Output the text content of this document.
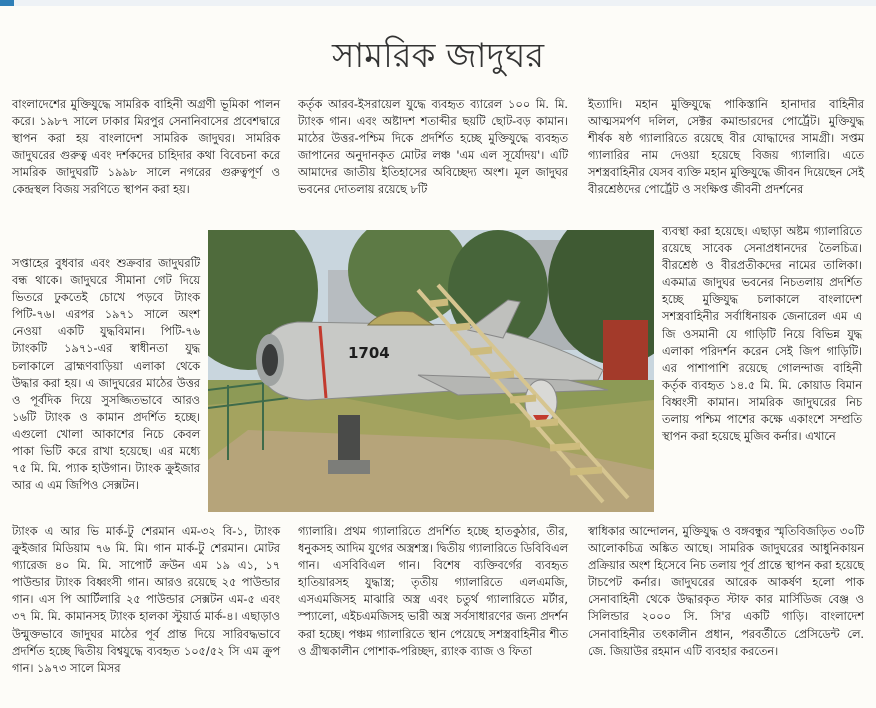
সামরিক জাদুঘর

বাংলাদেশের মুক্তিযুদ্ধে সামরিক বাহিনী অগ্রণী ভূমিকা পালন করে। ১৯৮৭ সালে ঢাকার মিরপুর সেনানিবাসের প্রবেশদ্বারে স্থাপন করা হয় বাংলাদেশ সামরিক জাদুঘর। সামরিক জাদুঘরের গুরুত্ব এবং দর্শকদের চাহিদার কথা বিবেচনা করে সামরিক জাদুঘরটি ১৯৯৮ সালে নগরের গুরুত্বপূর্ণ ও কেন্দ্রস্থল বিজয় সরণিতে স্থাপন করা হয়।

সপ্তাহের বুধবার এবং শুক্রবার জাদুঘরটি বন্ধ থাকে। জাদুঘরে সীমানা গেট দিয়ে ভিতরে ঢুকতেই চোখে পড়বে ট্যাংক পিটি-৭৬। এরপর ১৯৭১ সালে অংশ নেওয়া একটি যুদ্ধবিমান। পিটি-৭৬ ট্যাংকটি ১৯৭১-এর স্বাধীনতা যুদ্ধ চলাকালে ব্রাহ্মণবাড়িয়া এলাকা থেকে উদ্ধার করা হয়। এ জাদুঘরের মাঠের উত্তর ও পূর্বদিক দিয়ে সুসজ্জিতভাবে আরও ১৬টি ট্যাংক ও কামান প্রদর্শিত হচ্ছে। এগুলো খোলা আকাশের নিচে কেবল পাকা ভিটি করে রাখা হয়েছে। এর মধ্যে ৭৫ মি. মি. প্যাক হাউগান। ট্যাংক ক্রুইজার আর এ এম জিপিও সেক্সটন।

ট্যাংক এ আর ভি মার্ক-টু শেরমান এম-৩২ বি-১, ট্যাংক ক্রুইজার মিডিয়াম ৭৬ মি. মি। গান মার্ক-টু শেরমান। মোটর গ্যারেজ ৪০ মি. মি. সাপোর্ট ক্রউন এম ১৯ এ১, ১৭ পাউন্ডার ট্যাংক বিধ্বংসী গান। আরও রয়েছে ২৫ পাউন্ডার গান। এস পি আর্টিলারি ২৫ পাউন্ডার সেক্সটন এম-৫ এবং ৩৭ মি. মি. কামানসহ ট্যাংক হালকা স্টুয়ার্ড মার্ক-৪। এছাড়াও উন্মুক্তভাবে জাদুঘর মাঠের পূর্ব প্রান্ত দিয়ে সারিবদ্ধভাবে প্রদর্শিত হচ্ছে দ্বিতীয় বিশ্বযুদ্ধে ব্যবহৃত ১০৫/৫২ সি এম ক্রুপ গান। ১৯৭৩ সালে মিসর

কর্তৃক আরব-ইসরায়েল যুদ্ধে ব্যবহৃত ব্যারেল ১০০ মি. মি. ট্যাংক গান। এবং অষ্টাদশ শতাব্দীর ছয়টি ছোট-বড় কামান। মাঠের উত্তর-পশ্চিম দিকে প্রদর্শিত হচ্ছে মুক্তিযুদ্ধে ব্যবহৃত জাপানের অনুদানকৃত মোটর লঞ্চ 'এম এল সূর্যোদয়'। এটি আমাদের জাতীয় ইতিহাসের অবিচ্ছেদ্য অংশ। মূল জাদুঘর ভবনের দোতলায় রয়েছে ৮টি

গ্যালারি। প্রথম গ্যালারিতে প্রদর্শিত হচ্ছে হাতকুঠার, তীর, ধনুকসহ আদিম যুগের অস্ত্রশস্ত্র। দ্বিতীয় গ্যালারিতে ডিবিবিএল গান। এসবিবিএল গান। বিশেষ ব্যক্তিবর্গের ব্যবহৃত হাতিয়ারসহ যুদ্ধাস্ত্র; তৃতীয় গ্যালারিতে এলএমজি, এসএমজিসহ মাঝারি অস্ত্র এবং চতুর্থ গ্যালারিতে মর্টার, স্প্যালো, এইচএমজিসহ ভারী অস্ত্র সর্বসাধারণের জন্য প্রদর্শন করা হচ্ছে। পঞ্চম গ্যালারিতে স্থান পেয়েছে সশস্ত্রবাহিনীর শীত ও গ্রীষ্মকালীন পোশাক-পরিচ্ছদ, র‌্যাংক ব্যাজ ও ফিতা

ইত্যাদি। মহান মুক্তিযুদ্ধে পাকিস্তানি হানাদার বাহিনীর আত্মসমর্পণ দলিল, সেক্টর কমান্ডারদের পোর্ট্রেট। মুক্তিযুদ্ধ শীর্ষক ষষ্ঠ গ্যালারিতে রয়েছে বীর যোদ্ধাদের সামগ্রী। সপ্তম গ্যালারির নাম দেওয়া হয়েছে বিজয় গ্যালারি। এতে সশস্ত্রবাহিনীর যেসব ব্যক্তি মহান মুক্তিযুদ্ধে জীবন দিয়েছেন সেই বীরশ্রেষ্ঠদের পোর্ট্রেট ও সংক্ষিপ্ত জীবনী প্রদর্শনের

ব্যবস্থা করা হয়েছে। এছাড়া অষ্টম গ্যালারিতে রয়েছে সাবেক সেনাপ্রধানদের তৈলচিত্র। বীরশ্রেষ্ঠ ও বীরপ্রতীকদের নামের তালিকা। একমাত্র জাদুঘর ভবনের নিচতলায় প্রদর্শিত হচ্ছে মুক্তিযুদ্ধ চলাকালে বাংলাদেশ সশস্ত্রবাহিনীর সর্বাধিনায়ক জেনারেল এম এ জি ওসমানী যে গাড়িটি নিয়ে বিভিন্ন যুদ্ধ এলাকা পরিদর্শন করেন সেই জিপ গাড়িটি। এর পাশাপাশি রয়েছে গোলন্দাজ বাহিনী কর্তৃক ব্যবহৃত ১৪.৫ মি. মি. কোয়াড বিমান বিধ্বংসী কামান। সামরিক জাদুঘরের নিচ তলায় পশ্চিম পাশের কক্ষে একাংশে সম্প্রতি স্থাপন করা হয়েছে মুজিব কর্নার। এখানে

স্বাধিকার আন্দোলন, মুক্তিযুদ্ধ ও বঙ্গবন্ধুর স্মৃতিবিজড়িত ৩০টি আলোকচিত্র অঙ্কিত আছে। সামরিক জাদুঘরের আধুনিকায়ন প্রক্রিয়ার অংশ হিসেবে নিচ তলায় পূর্ব প্রান্তে স্থাপন করা হয়েছে টাচপেট কর্নার। জাদুঘরের আরেক আকর্ষণ হলো পাক সেনাবাহিনী থেকে উদ্ধারকৃত স্টাফ কার মার্সিডিজ বেঞ্জ ও সিলিন্ডার ২০০০ সি. সি'র একটি গাড়ি। বাংলাদেশ সেনাবাহিনীর তৎকালীন প্রধান, পরবর্তীতে প্রেসিডেন্ট লে. জে. জিয়াউর রহমান এটি ব্যবহার করতেন।

1704
